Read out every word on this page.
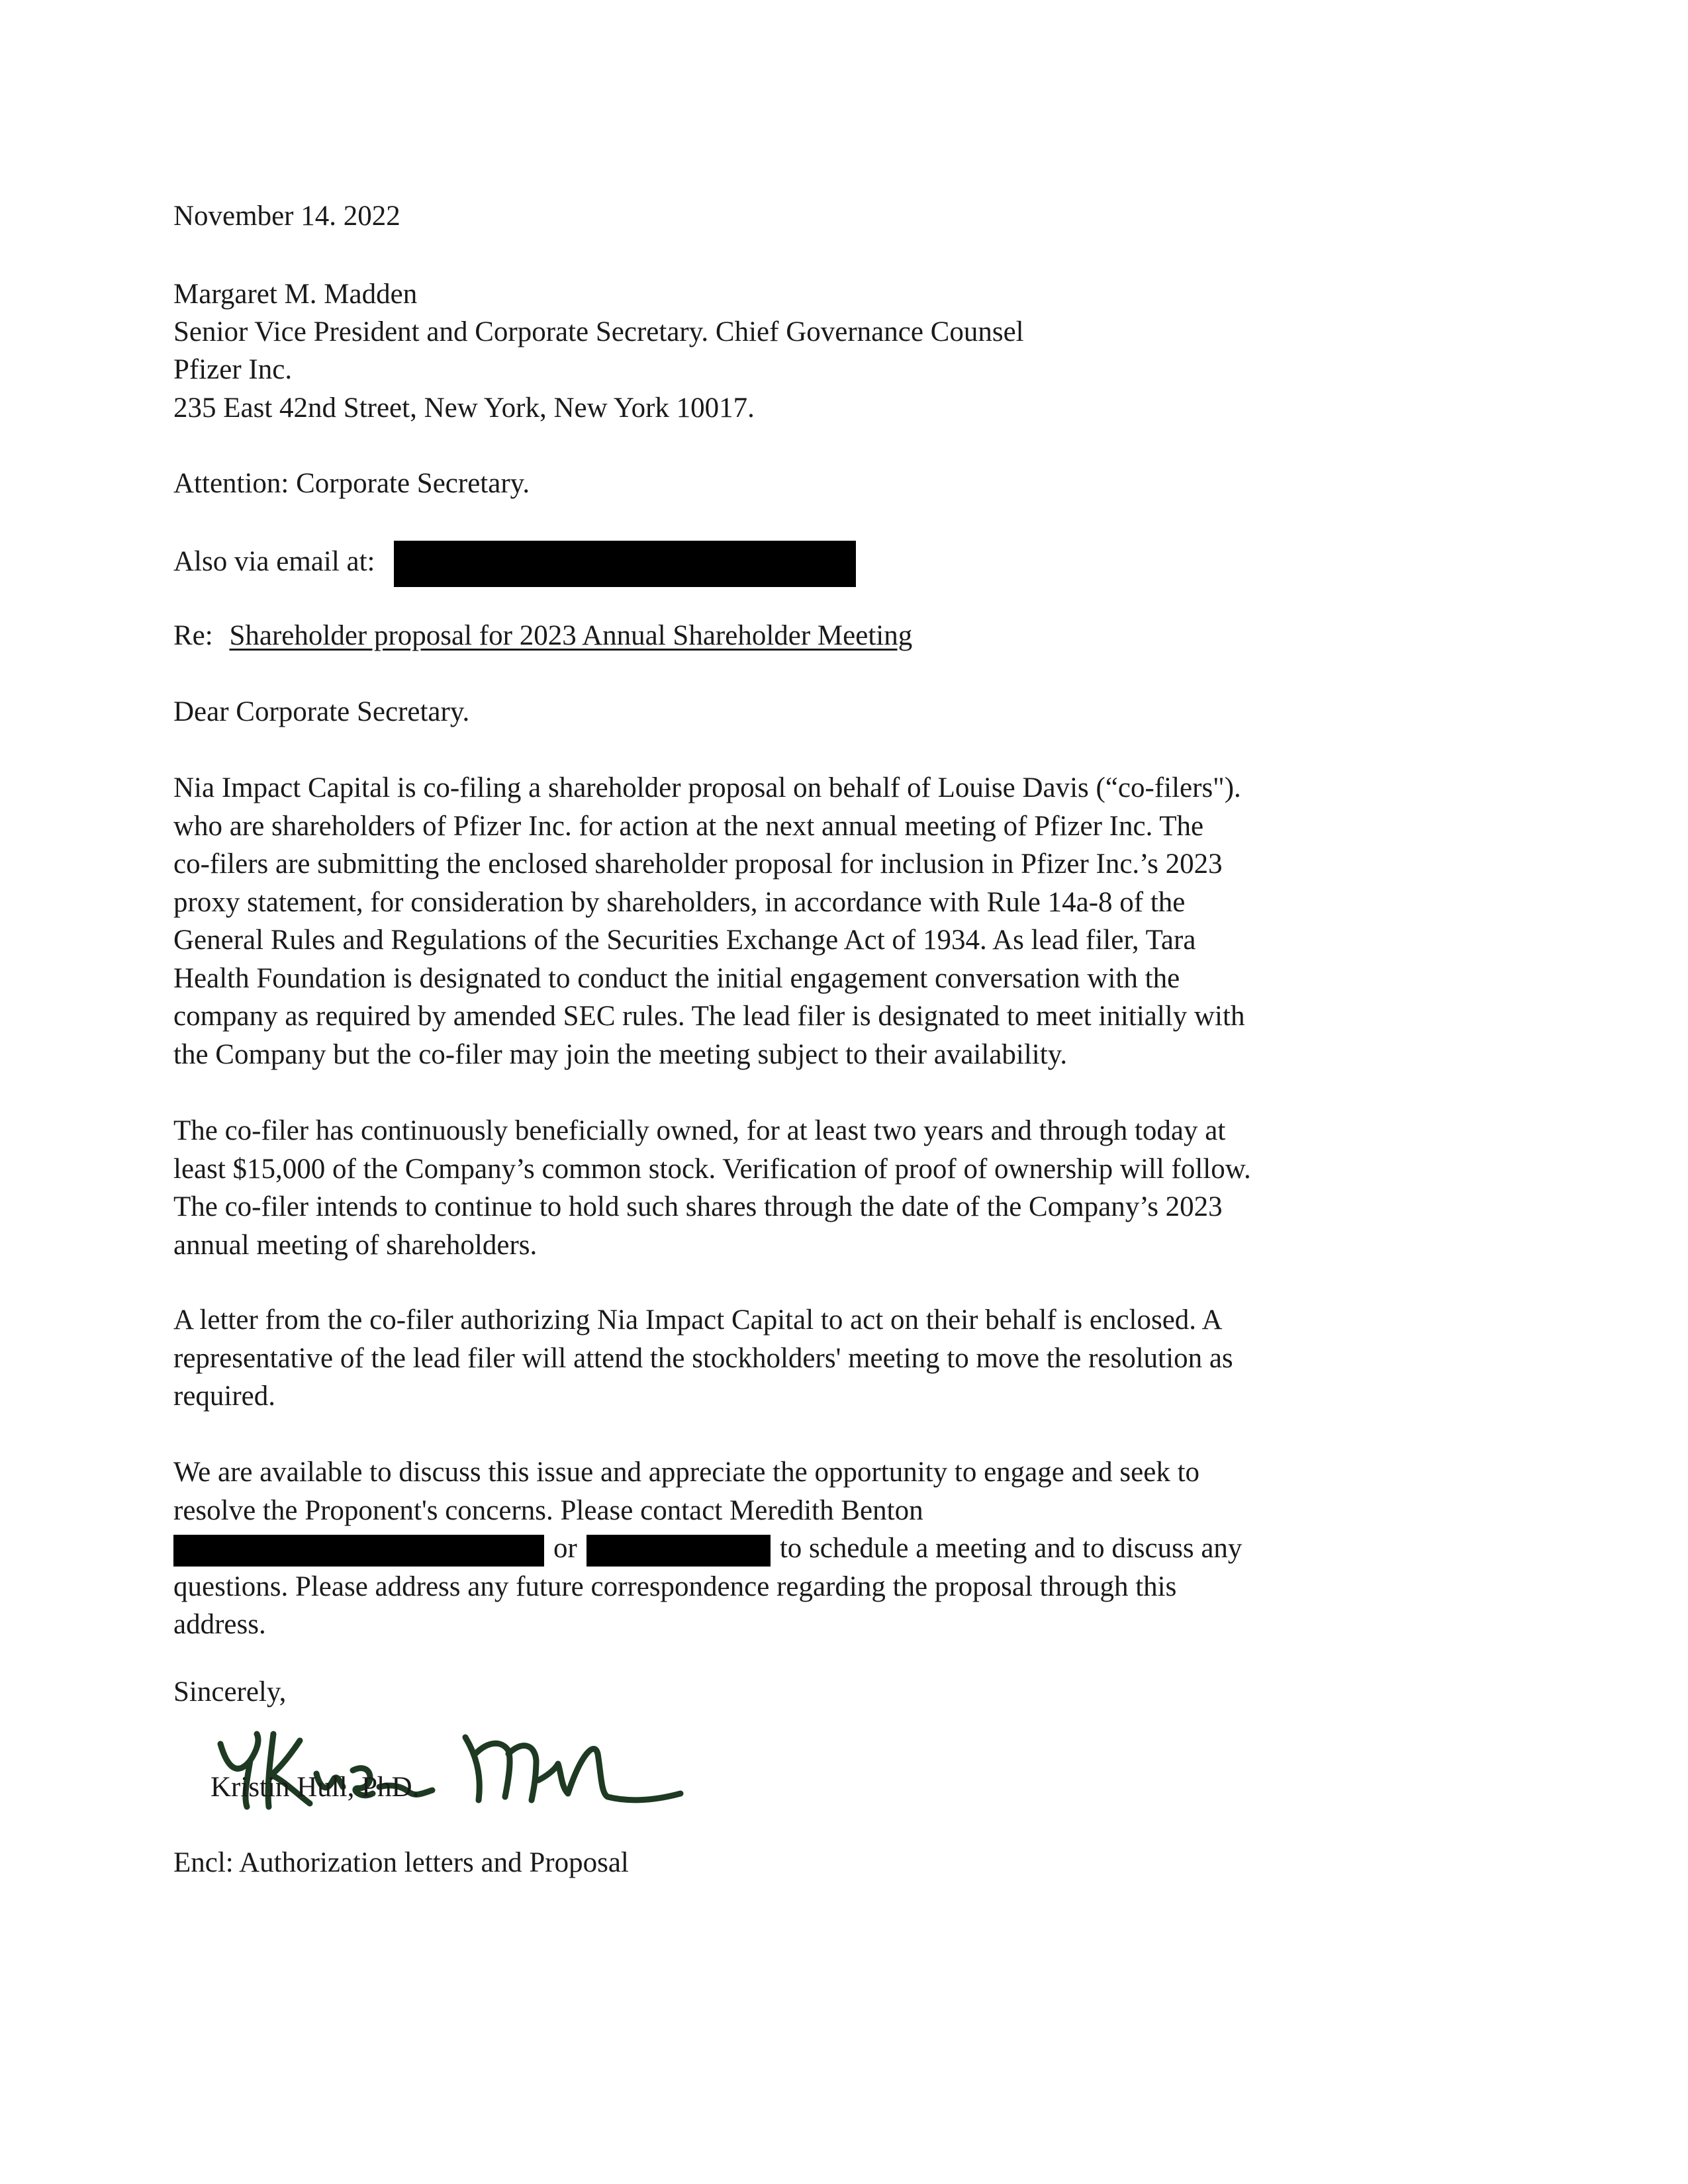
November 14. 2022
Margaret M. Madden
Senior Vice President and Corporate Secretary. Chief Governance Counsel
Pfizer Inc.
235 East 42nd Street, New York, New York 10017.
Attention: Corporate Secretary.
Also via email at:
Re: Shareholder proposal for 2023 Annual Shareholder Meeting
Dear Corporate Secretary.
Nia Impact Capital is co-filing a shareholder proposal on behalf of Louise Davis (“co-filers").
who are shareholders of Pfizer Inc. for action at the next annual meeting of Pfizer Inc. The
co-filers are submitting the enclosed shareholder proposal for inclusion in Pfizer Inc.’s 2023
proxy statement, for consideration by shareholders, in accordance with Rule 14a-8 of the
General Rules and Regulations of the Securities Exchange Act of 1934. As lead filer, Tara
Health Foundation is designated to conduct the initial engagement conversation with the
company as required by amended SEC rules. The lead filer is designated to meet initially with
the Company but the co-filer may join the meeting subject to their availability.
The co-filer has continuously beneficially owned, for at least two years and through today at
least $15,000 of the Company’s common stock. Verification of proof of ownership will follow.
The co-filer intends to continue to hold such shares through the date of the Company’s 2023
annual meeting of shareholders.
A letter from the co-filer authorizing Nia Impact Capital to act on their behalf is enclosed. A
representative of the lead filer will attend the stockholders' meeting to move the resolution as
required.
We are available to discuss this issue and appreciate the opportunity to engage and seek to
resolve the Proponent's concerns. Please contact Meredith Benton
or	to schedule a meeting and to discuss any
questions. Please address any future correspondence regarding the proposal through this
address.
Sincerely,
Kristin Hull
Kristin Hull, PhD.
Encl: Authorization letters and Proposal
